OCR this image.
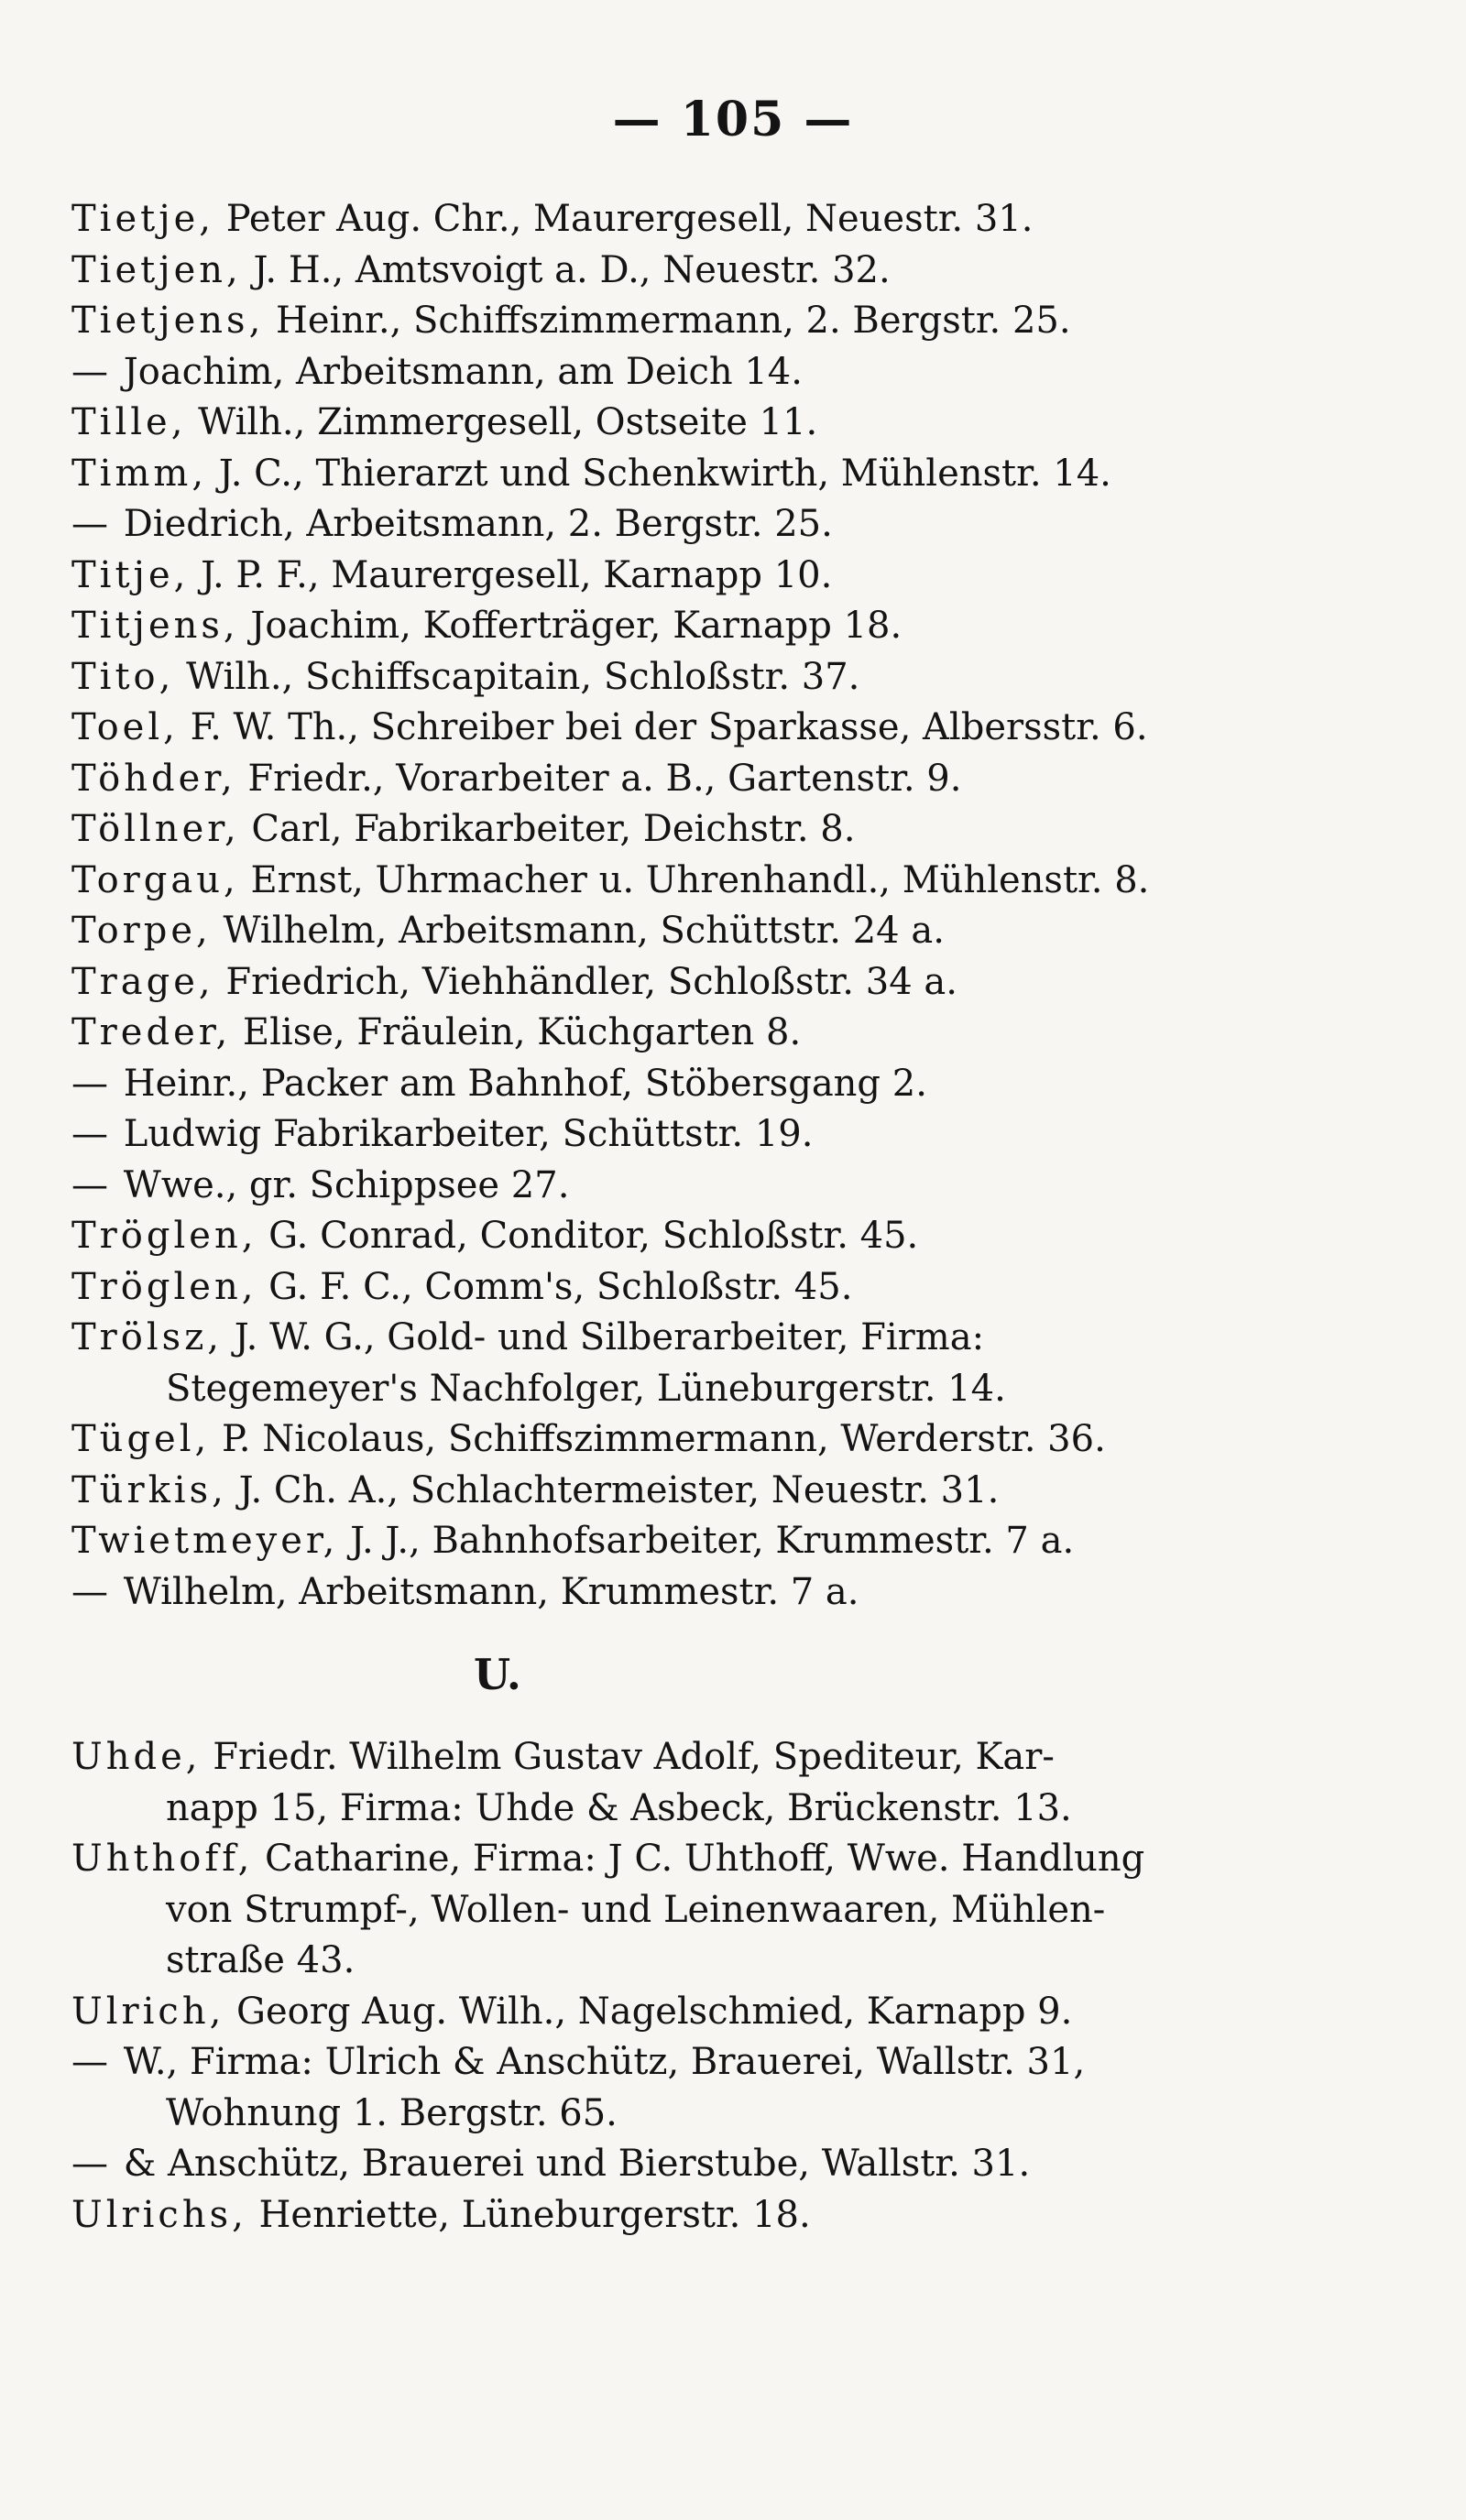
— 105 —
Tietje, Peter Aug. Chr., Maurergesell, Neuestr. 31.
Tietjen, J. H., Amtsvoigt a. D., Neuestr. 32.
Tietjens, Heinr., Schiffszimmermann, 2. Bergstr. 25.
— Joachim, Arbeitsmann, am Deich 14.
Tille, Wilh., Zimmergesell, Ostseite 11.
Timm, J. C., Thierarzt und Schenkwirth, Mühlenstr. 14.
— Diedrich, Arbeitsmann, 2. Bergstr. 25.
Titje, J. P. F., Maurergesell, Karnapp 10.
Titjens, Joachim, Kofferträger, Karnapp 18.
Tito, Wilh., Schiffscapitain, Schloßstr. 37.
Toel, F. W. Th., Schreiber bei der Sparkasse, Albersstr. 6.
Töhder, Friedr., Vorarbeiter a. B., Gartenstr. 9.
Töllner, Carl, Fabrikarbeiter, Deichstr. 8.
Torgau, Ernst, Uhrmacher u. Uhrenhandl., Mühlenstr. 8.
Torpe, Wilhelm, Arbeitsmann, Schüttstr. 24 a.
Trage, Friedrich, Viehhändler, Schloßstr. 34 a.
Treder, Elise, Fräulein, Küchgarten 8.
— Heinr., Packer am Bahnhof, Stöbersgang 2.
— Ludwig Fabrikarbeiter, Schüttstr. 19.
— Wwe., gr. Schippsee 27.
Tröglen, G. Conrad, Conditor, Schloßstr. 45.
Tröglen, G. F. C., Comm's, Schloßstr. 45.
Trölsz, J. W. G., Gold- und Silberarbeiter, Firma:
Stegemeyer's Nachfolger, Lüneburgerstr. 14.
Tügel, P. Nicolaus, Schiffszimmermann, Werderstr. 36.
Türkis, J. Ch. A., Schlachtermeister, Neuestr. 31.
Twietmeyer, J. J., Bahnhofsarbeiter, Krummestr. 7 a.
— Wilhelm, Arbeitsmann, Krummestr. 7 a.
U.
Uhde, Friedr. Wilhelm Gustav Adolf, Spediteur, Kar-
napp 15, Firma: Uhde & Asbeck, Brückenstr. 13.
Uhthoff, Catharine, Firma: J C. Uhthoff, Wwe. Handlung
von Strumpf-, Wollen- und Leinenwaaren, Mühlen-
straße 43.
Ulrich, Georg Aug. Wilh., Nagelschmied, Karnapp 9.
— W., Firma: Ulrich & Anschütz, Brauerei, Wallstr. 31,
Wohnung 1. Bergstr. 65.
— & Anschütz, Brauerei und Bierstube, Wallstr. 31.
Ulrichs, Henriette, Lüneburgerstr. 18.
